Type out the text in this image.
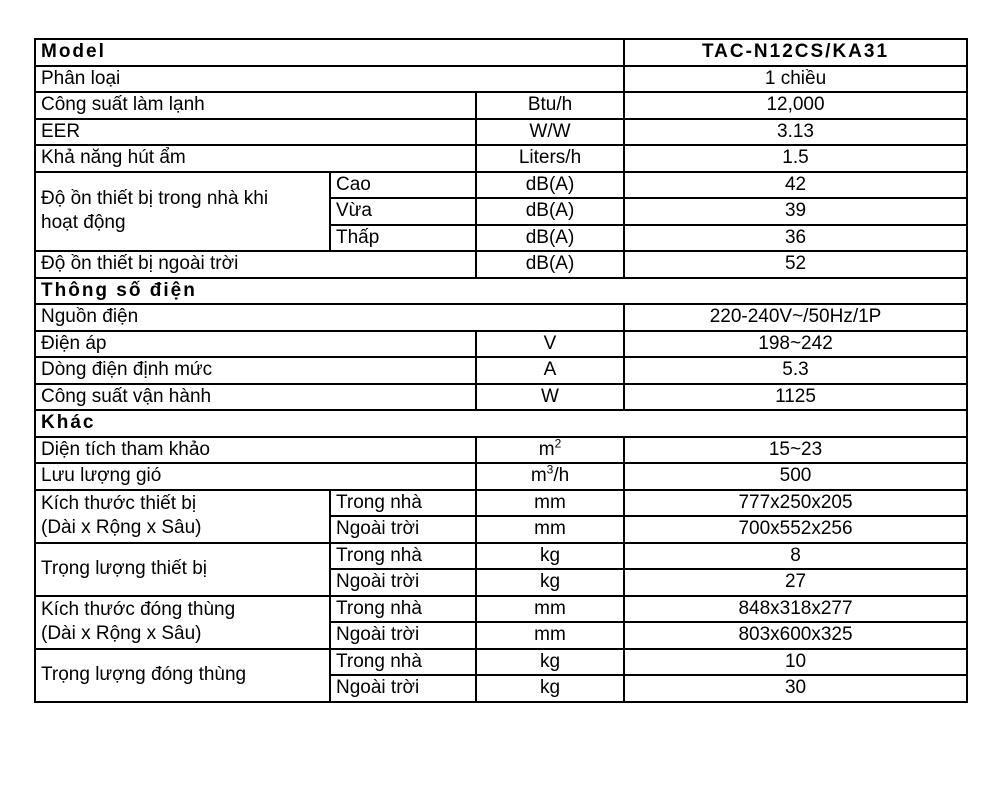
Model			TAC-N12CS/KA31
Phân loại			1 chiều
Công suất làm lạnh		Btu/h	12,000
EER		W/W	3.13
Khả năng hút ẩm		Liters/h	1.5
Độ ồn thiết bị trong nhà khi
hoạt động	Cao	dB(A)	42
	Vừa	dB(A)	39
	Thấp	dB(A)	36
Độ ồn thiết bị ngoài trời		dB(A)	52
Thông số điện			
Nguồn điện			220-240V~/50Hz/1P
Điện áp		V	198~242
Dòng điện định mức		A	5.3
Công suất vận hành		W	1125
Khác			
Diện tích tham khảo		$m^2$	15~23
Lưu lượng gió		$m^3/h$	500
Kích thước thiết bị
(Dài x Rộng x Sâu)	Trong nhà	mm	777x250x205
	Ngoài trời	mm	700x552x256
Trọng lượng thiết bị	Trong nhà	kg	8
	Ngoài trời	kg	27
Kích thước đóng thùng
(Dài x Rộng x Sâu)	Trong nhà	mm	848x318x277
	Ngoài trời	mm	803x600x325
Trọng lượng đóng thùng	Trong nhà	kg	10
	Ngoài trời	kg	30
